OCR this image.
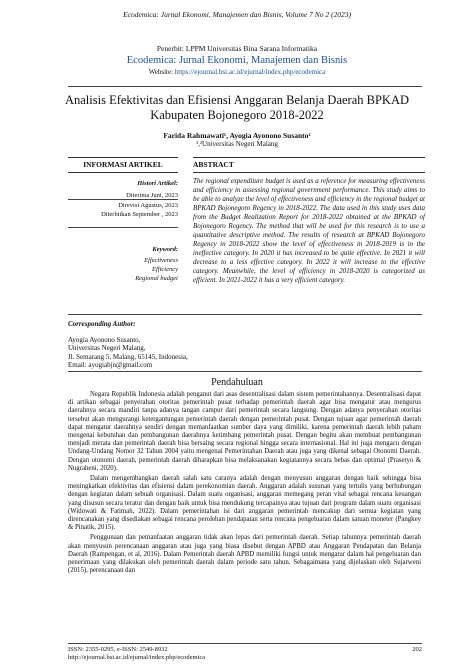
Ecodemica: Jurnal Ekonomi, Manajemen dan Bisnis, Volume 7 No 2 (2023)
Penerbit: LPPM Universitas Bina Sarana Informatika
Ecodemica: Jurnal Ekonomi, Manajemen dan Bisnis
Website: https://ejournal.bsi.ac.id/ejurnal/index.php/ecodemica
Analisis Efektivitas dan Efisiensi Anggaran Belanja Daerah BPKAD Kabupaten Bojonegoro 2018-2022
Farida Rahmawati¹, Ayogia Ayonono Susanto²
¹,²Universitas Negeri Malang
INFORMASI ARTIKEL
Histori Artikel:
Diterima Juni, 2023
Direvisi Agustus, 2023
Diterbitkan September , 2023
Keyword:
Effectiveness
Efficiency
Regional budget
ABSTRACT
The regional expenditure budget is used as a reference for measuring effectiveness and efficiency in assessing regional government performance. This study aims to be able to analyze the level of effectiveness and efficiency in the regional budget at BPKAD Bojonegoro Regency in 2018-2022. The data used in this study uses data from the Budget Realization Report for 2018-2022 obtained at the BPKAD of Bojonegoro Regency. The method that will be used for this research is to use a quantitative descriptive method. The results of research at BPKAD Bojonegoro Regency in 2018-2022 show the level of effectiveness in 2018-2019 is in the ineffective category. In 2020 it has increased to be quite effective. In 2021 it will decrease to a less effective category. In 2022 it will increase to the effective category. Meanwhile, the level of efficiency in 2018-2020 is categorized as efficient. In 2021-2022 it has a very efficient category.
Corresponding Author:
Ayogia Ayonono Susanto,
Universitas Negeri Malang,
Jl. Semarang 5, Malang, 65145, Indonesia,
Email: ayogiabjn@gmail.com
Pendahuluan

Negara Republik Indonesia adalah penganut dari asas desentralisasi dalam sistem pemerintahannya. Desentralisasi dapat di artikan sebagai penyerahan otoritas pemerintah pusat terhadap pemerintah daerah agar bisa mengatur atau mengurus daerahnya secara mandiri tanpa adanya tangan campur dari pemerintah secara langsung. Dengan adanya penyerahan otoritas tersebut akan mengurangi ketergantungan pemerintah daerah dengan pemerintah pusat. Dengan tujuan agar pemerintah daerah dapat mengatur daerahnya sendiri dengan memanfaatkan sumber daya yang dimiliki, karena pemerintah daerah lebih paham mengenai kebutuhan dan pembangunan daerahnya ketimbang pemerintah pusat. Dengan begitu akan membuat pembangunan menjadi merata dan pemerintah daerah bisa bersaing secara regional hingga secara internasional. Hal ini juga mengacu dengan Undang-Undang Nomor 32 Tahun 2004 yaitu mengenai Pemerintahan Daerah atau juga yang dikenal sebagai Otonomi Daerah. Dengan otonomi daerah, pemerintah daerah diharapkan bisa melaksanakan kegiatannya secara bebas dan optimal (Prasetyo & Nugraheni, 2020).

Dalam mengembangkan daerah salah satu caranya adalah dengan menyusun anggaran dengan baik sehingga bisa meningkatkan efektivitas dan efisiensi dalam perekonomian daerah. Anggaran adalah susunan yang tertulis yang berhubungan dengan kegiatan dalam sebuah organisasi. Dalam suatu organisasi, anggaran memegang peran vital sebagai rencana keuangan yang disusun secara teratur dan dengan baik untuk bisa mendukung tercapainya atau tujuan dari program dalam suatu organisasi (Widowati & Fatimah, 2022). Dalam pemerintahan isi dari anggaran pemerintah mencakup dari semua kegiatan yang direncanakan yang disediakan sebagai rencana perolehan pendapatan serta rencana pengeluaran dalam satuan moneter (Pangkey & Pinatik, 2015).

Penggunaan dan pemanfaatan anggaran tidak akan lepas dari pemerintah daerah. Setiap tahunnya pemerintah daerah akan menyusun perencanaan anggaran atau juga yang biasa disebut dengan APBD atau Anggaran Pendapatan dan Belanja Daerah (Rampengan, et al, 2016). Dalam Pemerintah daerah APBD memiliki fungsi untuk mengatur dalam hal pengeluaran dan penerimaan yang dilakukan oleh pemerintah daerah dalam periode satu tahun. Sebagaimana yang dijelaskan oleh Sujarweni (2015), perencanaan dan

ISSN: 2355-0295, e-ISSN: 2549-8932
http://ejournal.bsi.ac.id/ejurnal/index.php/ecodemica
202
